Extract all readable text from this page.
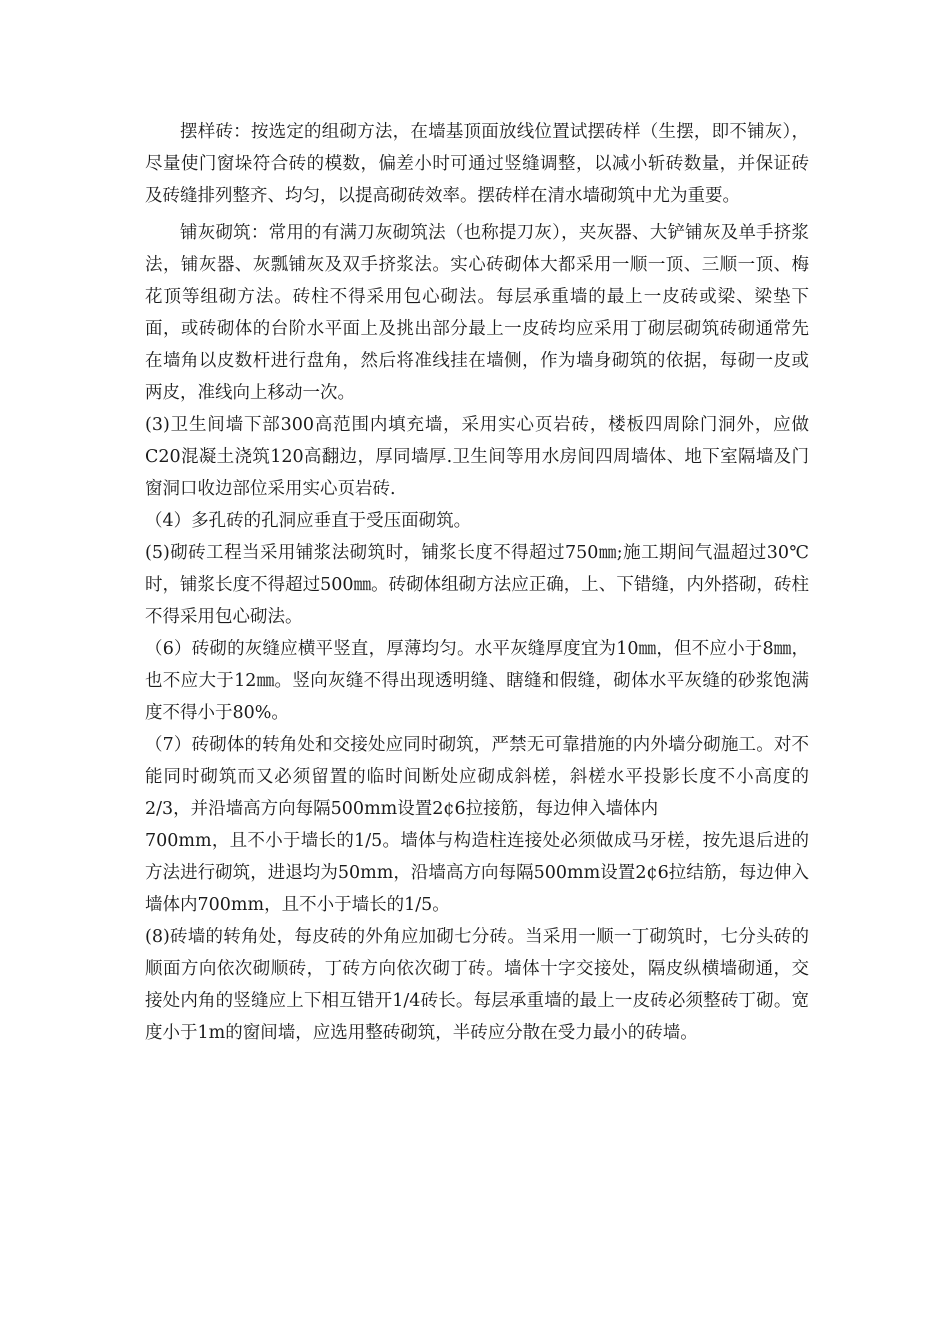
摆样砖：按选定的组砌方法，在墙基顶面放线位置试摆砖样（生摆，即不铺灰），尽量使门窗垛符合砖的模数，偏差小时可通过竖缝调整，以减小斩砖数量，并保证砖及砖缝排列整齐、均匀，以提高砌砖效率。摆砖样在清水墙砌筑中尤为重要。

铺灰砌筑：常用的有满刀灰砌筑法（也称提刀灰），夹灰器、大铲铺灰及单手挤浆法，铺灰器、灰瓢铺灰及双手挤浆法。实心砖砌体大都采用一顺一顶、三顺一顶、梅花顶等组砌方法。砖柱不得采用包心砌法。每层承重墙的最上一皮砖或梁、梁垫下面，或砖砌体的台阶水平面上及挑出部分最上一皮砖均应采用丁砌层砌筑砖砌通常先在墙角以皮数杆进行盘角，然后将准线挂在墙侧，作为墙身砌筑的依据，每砌一皮或两皮，准线向上移动一次。

(3)卫生间墙下部300高范围内填充墙，采用实心页岩砖，楼板四周除门洞外，应做C20混凝土浇筑120高翻边，厚同墙厚.卫生间等用水房间四周墙体、地下室隔墙及门窗洞口收边部位采用实心页岩砖.

（4）多孔砖的孔洞应垂直于受压面砌筑。

(5)砌砖工程当采用铺浆法砌筑时，铺浆长度不得超过750㎜;施工期间气温超过30℃时，铺浆长度不得超过500㎜。砖砌体组砌方法应正确，上、下错缝，内外搭砌，砖柱不得采用包心砌法。

（6）砖砌的灰缝应横平竖直，厚薄均匀。水平灰缝厚度宜为10㎜，但不应小于8㎜，也不应大于12㎜。竖向灰缝不得出现透明缝、瞎缝和假缝，砌体水平灰缝的砂浆饱满度不得小于80%。

（7）砖砌体的转角处和交接处应同时砌筑，严禁无可靠措施的内外墙分砌施工。对不能同时砌筑而又必须留置的临时间断处应砌成斜槎，斜槎水平投影长度不小高度的2/3，并沿墙高方向每隔500mm设置2¢6拉接筋，每边伸入墙体内

700mm，且不小于墙长的1/5。墙体与构造柱连接处必须做成马牙槎，按先退后进的方法进行砌筑，进退均为50mm，沿墙高方向每隔500mm设置2¢6拉结筋，每边伸入墙体内700mm，且不小于墙长的1/5。

(8)砖墙的转角处，每皮砖的外角应加砌七分砖。当采用一顺一丁砌筑时，七分头砖的顺面方向依次砌顺砖，丁砖方向依次砌丁砖。墙体十字交接处，隔皮纵横墙砌通，交接处内角的竖缝应上下相互错开1/4砖长。每层承重墙的最上一皮砖必须整砖丁砌。宽度小于1m的窗间墙，应选用整砖砌筑，半砖应分散在受力最小的砖墙。
